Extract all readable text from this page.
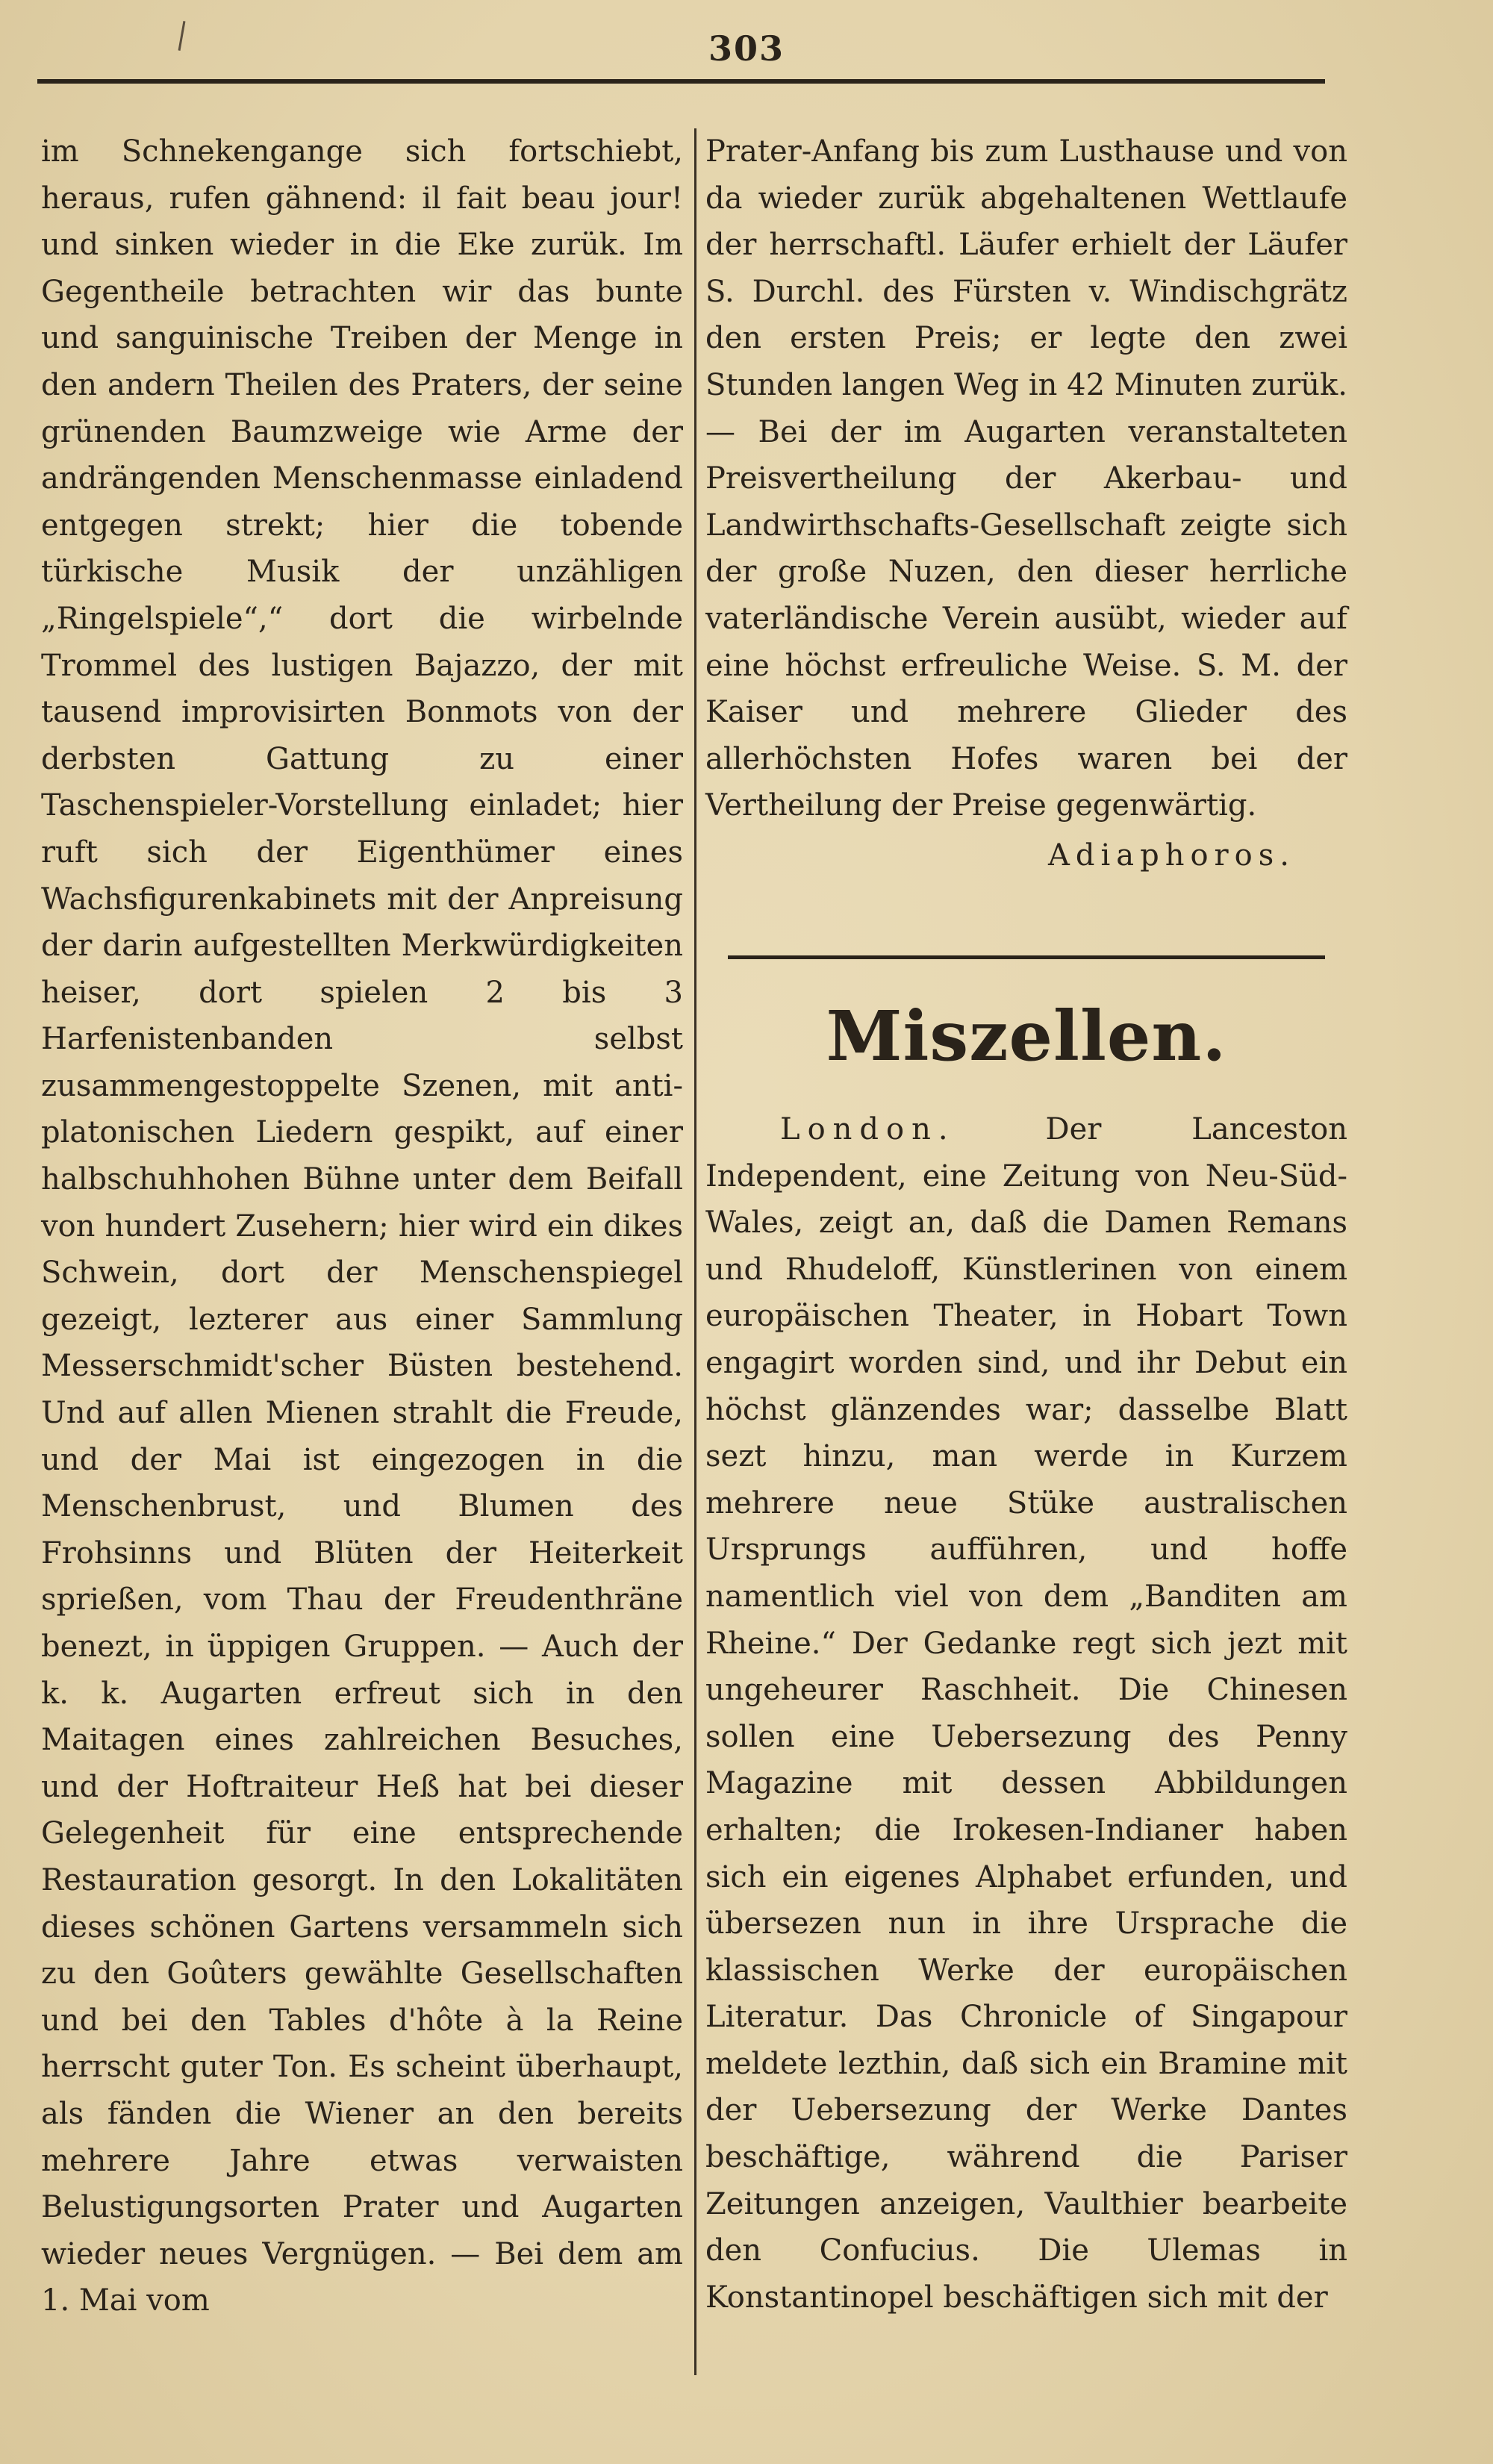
303

im Schnekengange sich fortschiebt, heraus, rufen gähnend: il fait beau jour! und sinken wieder in die Eke zurük. Im Gegentheile betrachten wir das bunte und sanguinische Treiben der Menge in den andern Theilen des Praters, der seine grünenden Baumzweige wie Arme der andrängenden Menschenmasse einladend entgegen strekt; hier die tobende türkische Musik der unzähligen „Ringelspiele“,“ dort die wirbelnde Trommel des lustigen Bajazzo, der mit tausend improvisirten Bonmots von der derbsten Gattung zu einer Taschenspieler-Vorstellung einladet; hier ruft sich der Eigenthümer eines Wachsfigurenkabinets mit der Anpreisung der darin aufgestellten Merkwürdigkeiten heiser, dort spielen 2 bis 3 Harfenistenbanden selbst zusammengestoppelte Szenen, mit anti-platonischen Liedern gespikt, auf einer halbschuhhohen Bühne unter dem Beifall von hundert Zusehern; hier wird ein dikes Schwein, dort der Menschenspiegel gezeigt, lezterer aus einer Sammlung Messerschmidt'scher Büsten bestehend. Und auf allen Mienen strahlt die Freude, und der Mai ist eingezogen in die Menschenbrust, und Blumen des Frohsinns und Blüten der Heiterkeit sprießen, vom Thau der Freudenthräne benezt, in üppigen Gruppen. — Auch der k. k. Augarten erfreut sich in den Maitagen eines zahlreichen Besuches, und der Hoftraiteur Heß hat bei dieser Gelegenheit für eine entsprechende Restauration gesorgt. In den Lokalitäten dieses schönen Gartens versammeln sich zu den Goûters gewählte Gesellschaften und bei den Tables d'hôte à la Reine herrscht guter Ton. Es scheint überhaupt, als fänden die Wiener an den bereits mehrere Jahre etwas verwaisten Belustigungsorten Prater und Augarten wieder neues Vergnügen. — Bei dem am 1. Mai vom

Prater-Anfang bis zum Lusthause und von da wieder zurük abgehaltenen Wettlaufe der herrschaftl. Läufer erhielt der Läufer S. Durchl. des Fürsten v. Windischgrätz den ersten Preis; er legte den zwei Stunden langen Weg in 42 Minuten zurük. — Bei der im Augarten veranstalteten Preisvertheilung der Akerbau- und Landwirthschafts-Gesellschaft zeigte sich der große Nuzen, den dieser herrliche vaterländische Verein ausübt, wieder auf eine höchst erfreuliche Weise. S. M. der Kaiser und mehrere Glieder des allerhöchsten Hofes waren bei der Vertheilung der Preise gegenwärtig.

Adiaphoros.
Miszellen.

London.	Der Lanceston Independent, eine Zeitung von Neu-Süd-Wales, zeigt an, daß die Damen Remans und Rhudeloff, Künstlerinen von einem europäischen Theater, in Hobart Town engagirt worden sind, und ihr Debut ein höchst glänzendes war; dasselbe Blatt sezt hinzu, man werde in Kurzem mehrere neue Stüke australischen Ursprungs aufführen, und hoffe namentlich viel von dem „Banditen am Rheine.“ Der Gedanke regt sich jezt mit ungeheurer Raschheit. Die Chinesen sollen eine Uebersezung des Penny Magazine mit dessen Abbildungen erhalten; die Irokesen-Indianer haben sich ein eigenes Alphabet erfunden, und übersezen nun in ihre Ursprache die klassischen Werke der europäischen Literatur. Das Chronicle of Singapour meldete lezthin, daß sich ein Bramine mit der Uebersezung der Werke Dantes beschäftige, während die Pariser Zeitungen anzeigen, Vaulthier bearbeite den Confucius. Die Ulemas in Konstantinopel beschäftigen sich mit der
